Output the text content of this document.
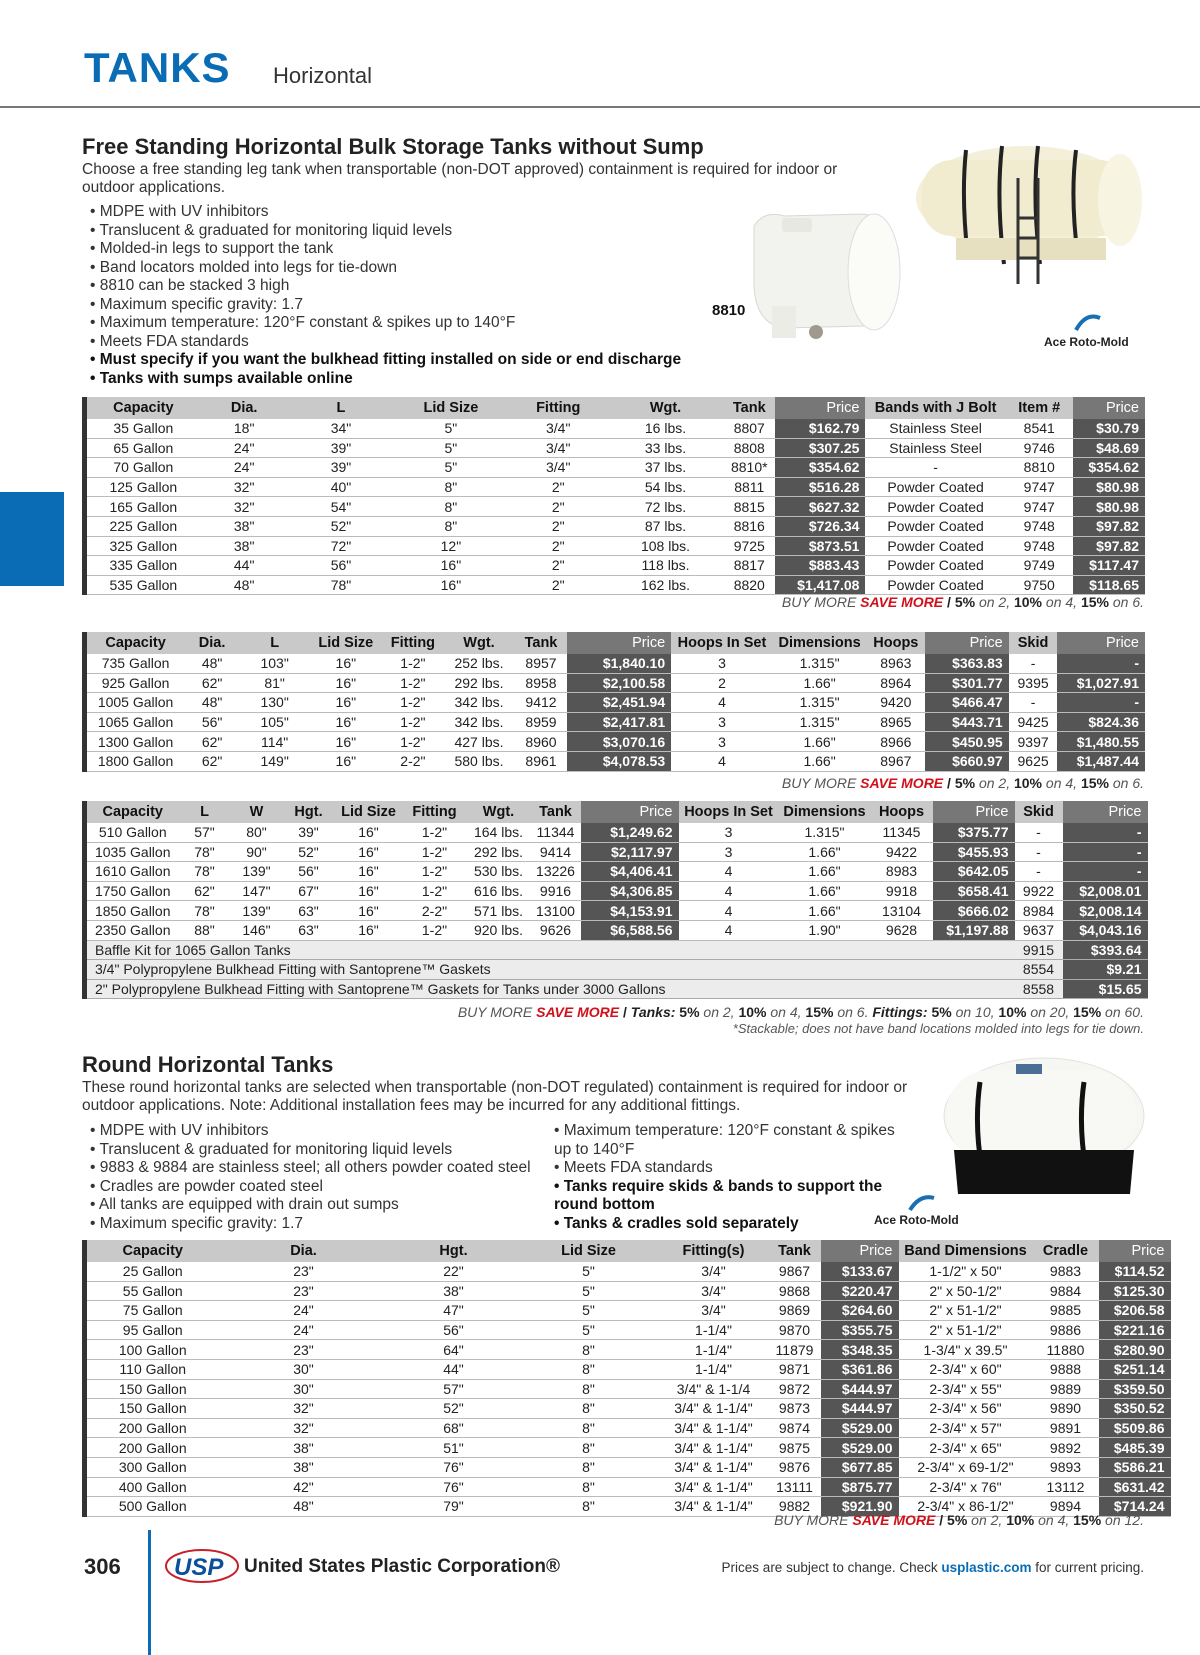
TANKS Horizontal
Free Standing Horizontal Bulk Storage Tanks without Sump
Choose a free standing leg tank when transportable (non-DOT approved) containment is required for indoor or outdoor applications.
• MDPE with UV inhibitors
• Translucent & graduated for monitoring liquid levels
• Molded-in legs to support the tank
• Band locators molded into legs for tie-down
• 8810 can be stacked 3 high
• Maximum specific gravity: 1.7
• Maximum temperature: 120°F constant & spikes up to 140°F
• Meets FDA standards
• Must specify if you want the bulkhead fitting installed on side or end discharge
• Tanks with sumps available online
8810
Ace Roto-Mold
Capacity	Dia.	L	Lid Size	Fitting	Wgt.	Tank	Price	Bands with J Bolt	Item #	Price
35 Gallon	18"	34"	5"	3/4"	16 lbs.	8807	$162.79	Stainless Steel	8541	$30.79
65 Gallon	24"	39"	5"	3/4"	33 lbs.	8808	$307.25	Stainless Steel	9746	$48.69
70 Gallon	24"	39"	5"	3/4"	37 lbs.	8810*	$354.62	-	8810	$354.62
125 Gallon	32"	40"	8"	2"	54 lbs.	8811	$516.28	Powder Coated	9747	$80.98
165 Gallon	32"	54"	8"	2"	72 lbs.	8815	$627.32	Powder Coated	9747	$80.98
225 Gallon	38"	52"	8"	2"	87 lbs.	8816	$726.34	Powder Coated	9748	$97.82
325 Gallon	38"	72"	12"	2"	108 lbs.	9725	$873.51	Powder Coated	9748	$97.82
335 Gallon	44"	56"	16"	2"	118 lbs.	8817	$883.43	Powder Coated	9749	$117.47
535 Gallon	48"	78"	16"	2"	162 lbs.	8820	$1,417.08	Powder Coated	9750	$118.65
BUY MORE SAVE MORE / 5% on 2, 10% on 4, 15% on 6.
Capacity	Dia.	L	Lid Size	Fitting	Wgt.	Tank	Price	Hoops In Set	Dimensions	Hoops	Price	Skid	Price
735 Gallon	48"	103"	16"	1-2"	252 lbs.	8957	$1,840.10	3	1.315"	8963	$363.83	-	-
925 Gallon	62"	81"	16"	1-2"	292 lbs.	8958	$2,100.58	2	1.66"	8964	$301.77	9395	$1,027.91
1005 Gallon	48"	130"	16"	1-2"	342 lbs.	9412	$2,451.94	4	1.315"	9420	$466.47	-	-
1065 Gallon	56"	105"	16"	1-2"	342 lbs.	8959	$2,417.81	3	1.315"	8965	$443.71	9425	$824.36
1300 Gallon	62"	114"	16"	1-2"	427 lbs.	8960	$3,070.16	3	1.66"	8966	$450.95	9397	$1,480.55
1800 Gallon	62"	149"	16"	2-2"	580 lbs.	8961	$4,078.53	4	1.66"	8967	$660.97	9625	$1,487.44
BUY MORE SAVE MORE / 5% on 2, 10% on 4, 15% on 6.
Capacity	L	W	Hgt.	Lid Size	Fitting	Wgt.	Tank	Price	Hoops In Set	Dimensions	Hoops	Price	Skid	Price
510 Gallon	57"	80"	39"	16"	1-2"	164 lbs.	11344	$1,249.62	3	1.315"	11345	$375.77	-	-
1035 Gallon	78"	90"	52"	16"	1-2"	292 lbs.	9414	$2,117.97	3	1.66"	9422	$455.93	-	-
1610 Gallon	78"	139"	56"	16"	1-2"	530 lbs.	13226	$4,406.41	4	1.66"	8983	$642.05	-	-
1750 Gallon	62"	147"	67"	16"	1-2"	616 lbs.	9916	$4,306.85	4	1.66"	9918	$658.41	9922	$2,008.01
1850 Gallon	78"	139"	63"	16"	2-2"	571 lbs.	13100	$4,153.91	4	1.66"	13104	$666.02	8984	$2,008.14
2350 Gallon	88"	146"	63"	16"	1-2"	920 lbs.	9626	$6,588.56	4	1.90"	9628	$1,197.88	9637	$4,043.16
Baffle Kit for 1065 Gallon Tanks													9915	$393.64
3/4" Polypropylene Bulkhead Fitting with Santoprene™ Gaskets													8554	$9.21
2" Polypropylene Bulkhead Fitting with Santoprene™ Gaskets for Tanks under 3000 Gallons													8558	$15.65
BUY MORE SAVE MORE / Tanks: 5% on 2, 10% on 4, 15% on 6. Fittings: 5% on 10, 10% on 20, 15% on 60.
*Stackable; does not have band locations molded into legs for tie down.
Round Horizontal Tanks
These round horizontal tanks are selected when transportable (non-DOT regulated) containment is required for indoor or outdoor applications. Note: Additional installation fees may be incurred for any additional fittings.
• MDPE with UV inhibitors
• Translucent & graduated for monitoring liquid levels
• 9883 & 9884 are stainless steel; all others powder coated steel
• Cradles are powder coated steel
• All tanks are equipped with drain out sumps
• Maximum specific gravity: 1.7
• Maximum temperature: 120°F constant & spikes up to 140°F
• Meets FDA standards
• Tanks require skids & bands to support the round bottom
• Tanks & cradles sold separately	Ace Roto-Mold
Capacity	Dia.	Hgt.	Lid Size	Fitting(s)	Tank	Price	Band Dimensions	Cradle	Price
25 Gallon	23"	22"	5"	3/4"	9867	$133.67	1-1/2" x 50"	9883	$114.52
55 Gallon	23"	38"	5"	3/4"	9868	$220.47	2" x 50-1/2"	9884	$125.30
75 Gallon	24"	47"	5"	3/4"	9869	$264.60	2" x 51-1/2"	9885	$206.58
95 Gallon	24"	56"	5"	1-1/4"	9870	$355.75	2" x 51-1/2"	9886	$221.16
100 Gallon	23"	64"	8"	1-1/4"	11879	$348.35	1-3/4" x 39.5"	11880	$280.90
110 Gallon	30"	44"	8"	1-1/4"	9871	$361.86	2-3/4" x 60"	9888	$251.14
150 Gallon	30"	57"	8"	3/4" & 1-1/4	9872	$444.97	2-3/4" x 55"	9889	$359.50
150 Gallon	32"	52"	8"	3/4" & 1-1/4"	9873	$444.97	2-3/4" x 56"	9890	$350.52
200 Gallon	32"	68"	8"	3/4" & 1-1/4"	9874	$529.00	2-3/4" x 57"	9891	$509.86
200 Gallon	38"	51"	8"	3/4" & 1-1/4"	9875	$529.00	2-3/4" x 65"	9892	$485.39
300 Gallon	38"	76"	8"	3/4" & 1-1/4"	9876	$677.85	2-3/4" x 69-1/2"	9893	$586.21
400 Gallon	42"	76"	8"	3/4" & 1-1/4"	13111	$875.77	2-3/4" x 76"	13112	$631.42
500 Gallon	48"	79"	8"	3/4" & 1-1/4"	9882	$921.90	2-3/4" x 86-1/2"	9894	$714.24
BUY MORE SAVE MORE / 5% on 2, 10% on 4, 15% on 12.
306 USP United States Plastic Corporation®	Prices are subject to change. Check usplastic.com for current pricing.
